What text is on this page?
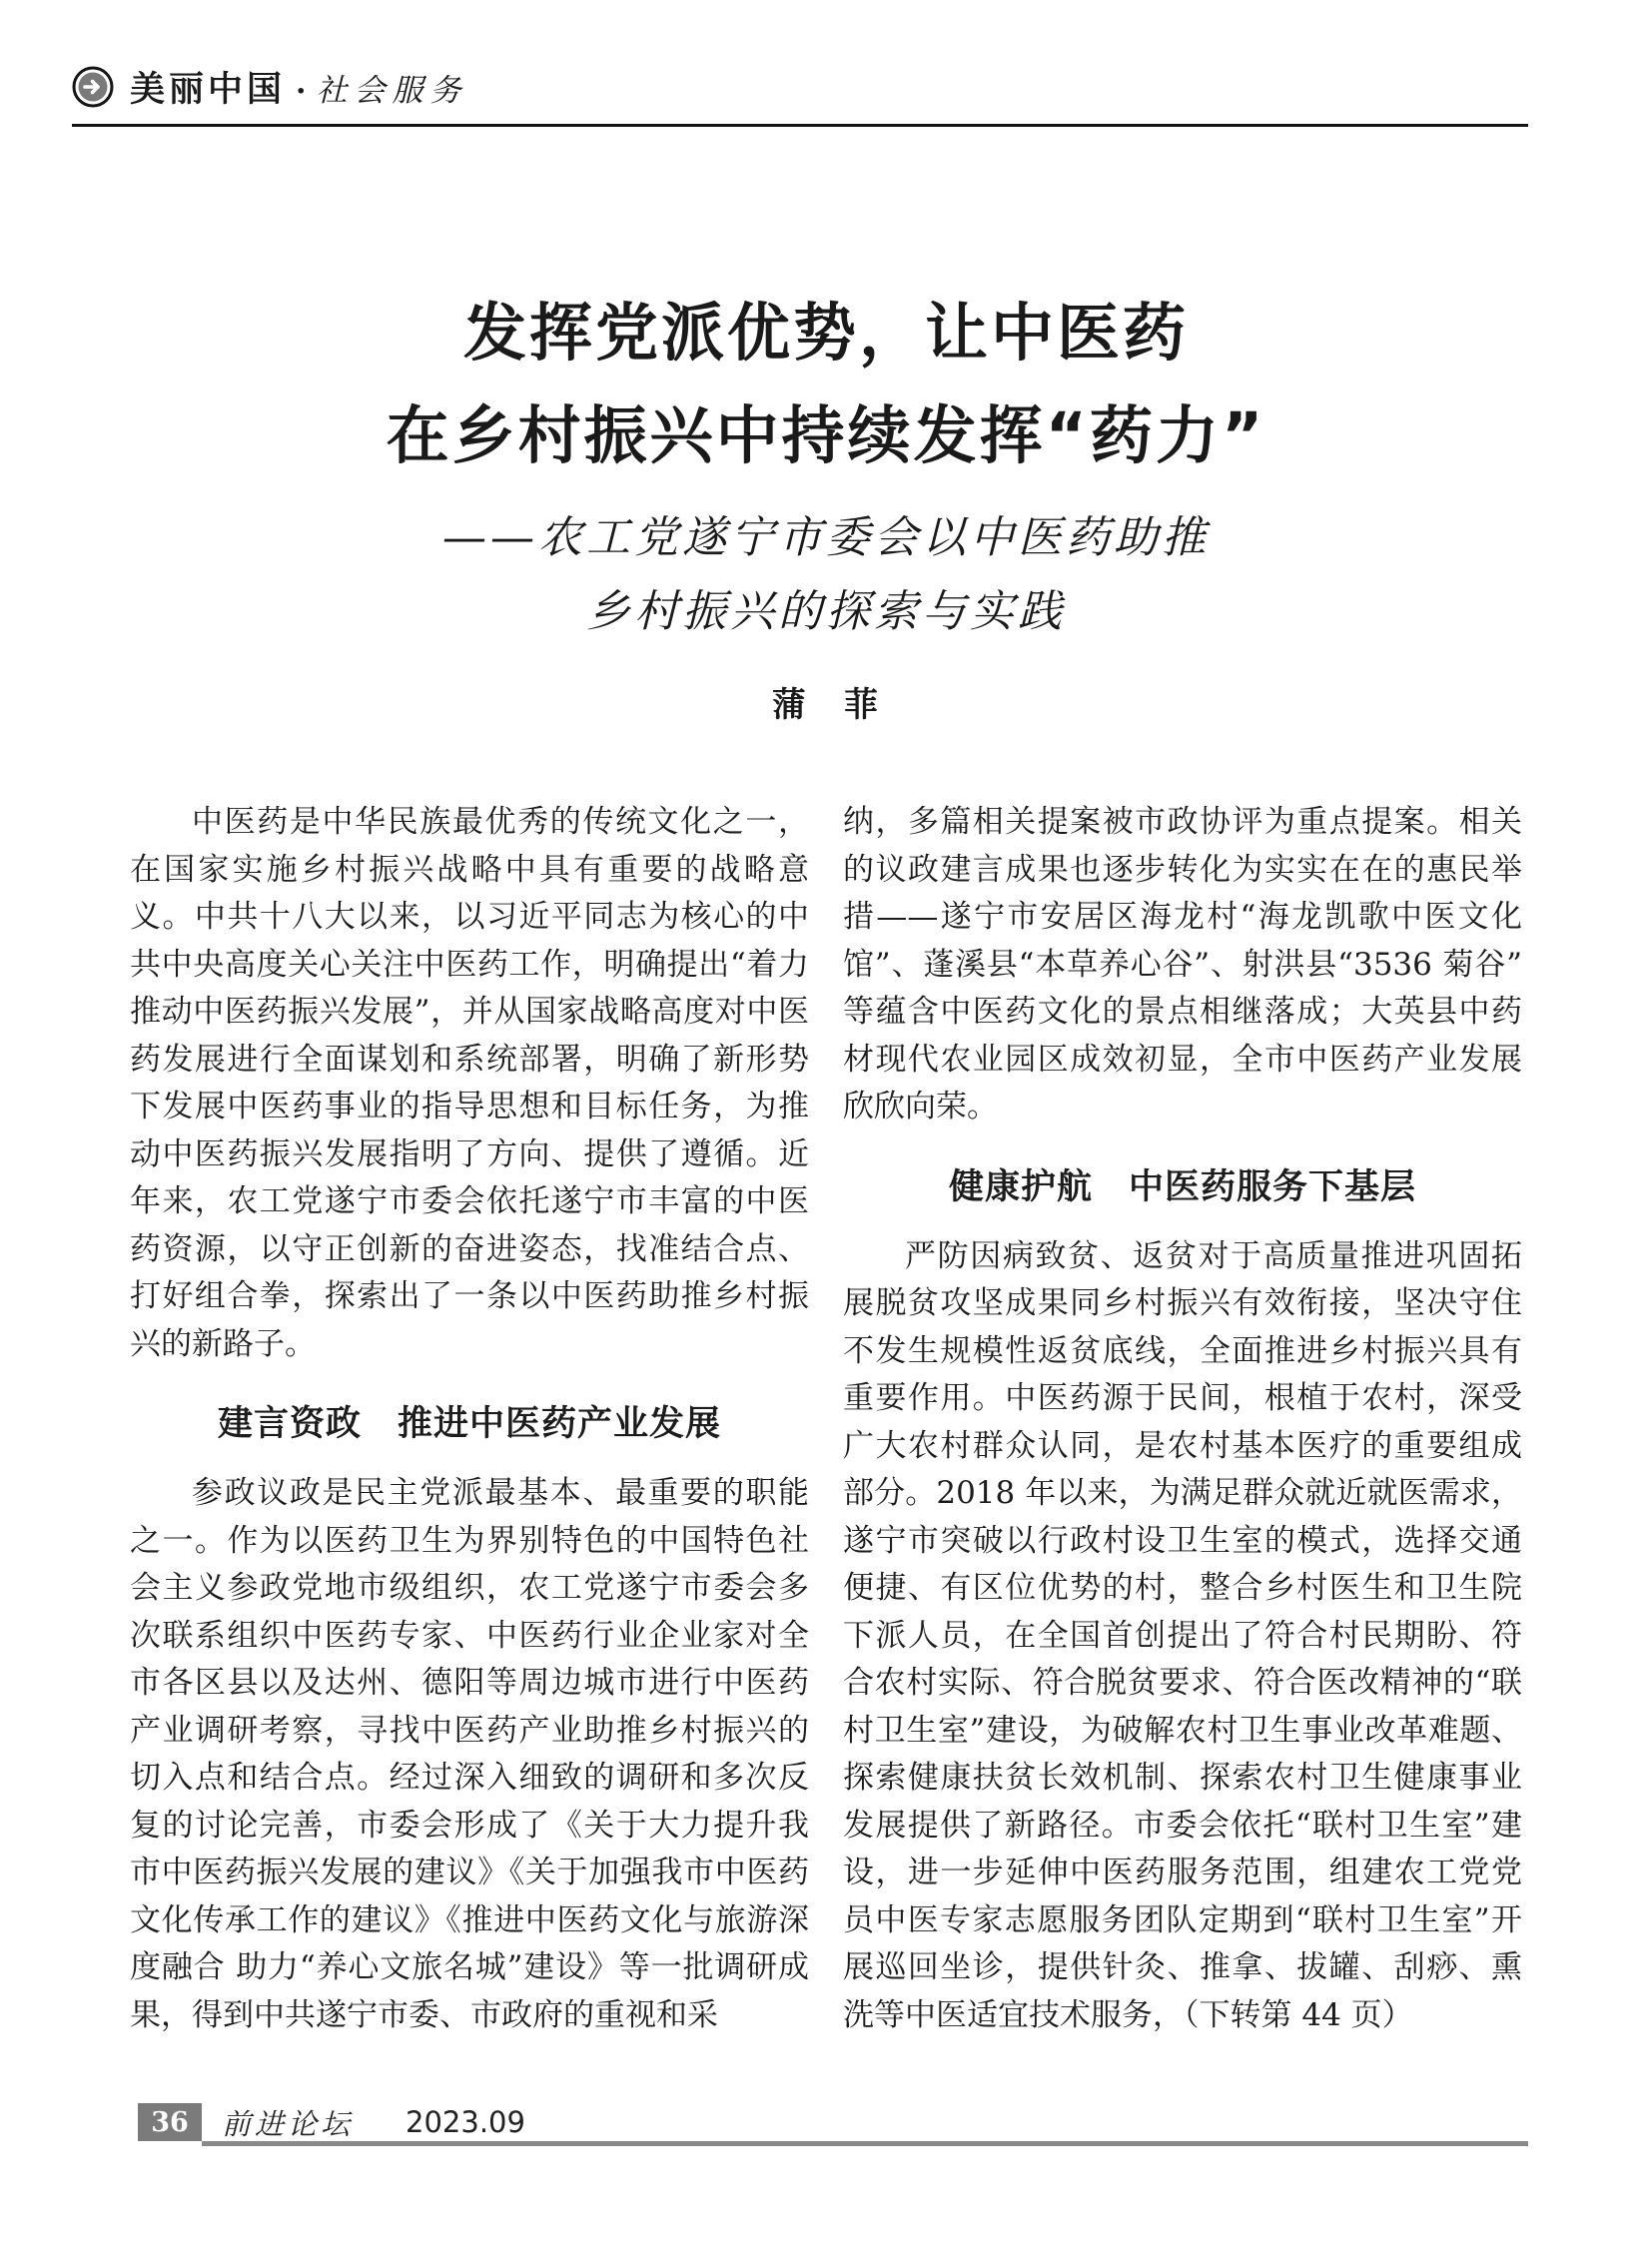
美丽中国 · 社会服务
发挥党派优势，让中医药
在乡村振兴中持续发挥“药力”
——农工党遂宁市委会以中医药助推
乡村振兴的探索与实践
蒲　菲

中医药是中华民族最优秀的传统文化之一，在国家实施乡村振兴战略中具有重要的战略意义。中共十八大以来，以习近平同志为核心的中共中央高度关心关注中医药工作，明确提出“着力推动中医药振兴发展”，并从国家战略高度对中医药发展进行全面谋划和系统部署，明确了新形势下发展中医药事业的指导思想和目标任务，为推动中医药振兴发展指明了方向、提供了遵循。近年来，农工党遂宁市委会依托遂宁市丰富的中医药资源，以守正创新的奋进姿态，找准结合点、打好组合拳，探索出了一条以中医药助推乡村振兴的新路子。

建言资政　推进中医药产业发展

参政议政是民主党派最基本、最重要的职能之一。作为以医药卫生为界别特色的中国特色社会主义参政党地市级组织，农工党遂宁市委会多次联系组织中医药专家、中医药行业企业家对全市各区县以及达州、德阳等周边城市进行中医药产业调研考察，寻找中医药产业助推乡村振兴的切入点和结合点。经过深入细致的调研和多次反复的讨论完善，市委会形成了《关于大力提升我市中医药振兴发展的建议》《关于加强我市中医药文化传承工作的建议》《推进中医药文化与旅游深度融合 助力“养心文旅名城”建设》等一批调研成果，得到中共遂宁市委、市政府的重视和采

纳，多篇相关提案被市政协评为重点提案。相关的议政建言成果也逐步转化为实实在在的惠民举措——遂宁市安居区海龙村“海龙凯歌中医文化馆”、蓬溪县“本草养心谷”、射洪县“3536 菊谷”等蕴含中医药文化的景点相继落成；大英县中药材现代农业园区成效初显，全市中医药产业发展欣欣向荣。

健康护航　中医药服务下基层

严防因病致贫、返贫对于高质量推进巩固拓展脱贫攻坚成果同乡村振兴有效衔接，坚决守住不发生规模性返贫底线，全面推进乡村振兴具有重要作用。中医药源于民间，根植于农村，深受广大农村群众认同，是农村基本医疗的重要组成部分。2018 年以来，为满足群众就近就医需求，遂宁市突破以行政村设卫生室的模式，选择交通便捷、有区位优势的村，整合乡村医生和卫生院下派人员，在全国首创提出了符合村民期盼、符合农村实际、符合脱贫要求、符合医改精神的“联村卫生室”建设，为破解农村卫生事业改革难题、探索健康扶贫长效机制、探索农村卫生健康事业发展提供了新路径。市委会依托“联村卫生室”建设，进一步延伸中医药服务范围，组建农工党党员中医专家志愿服务团队定期到“联村卫生室”开展巡回坐诊，提供针灸、推拿、拔罐、刮痧、熏洗等中医适宜技术服务，（下转第 44 页）

36 前进论坛 2023.09
